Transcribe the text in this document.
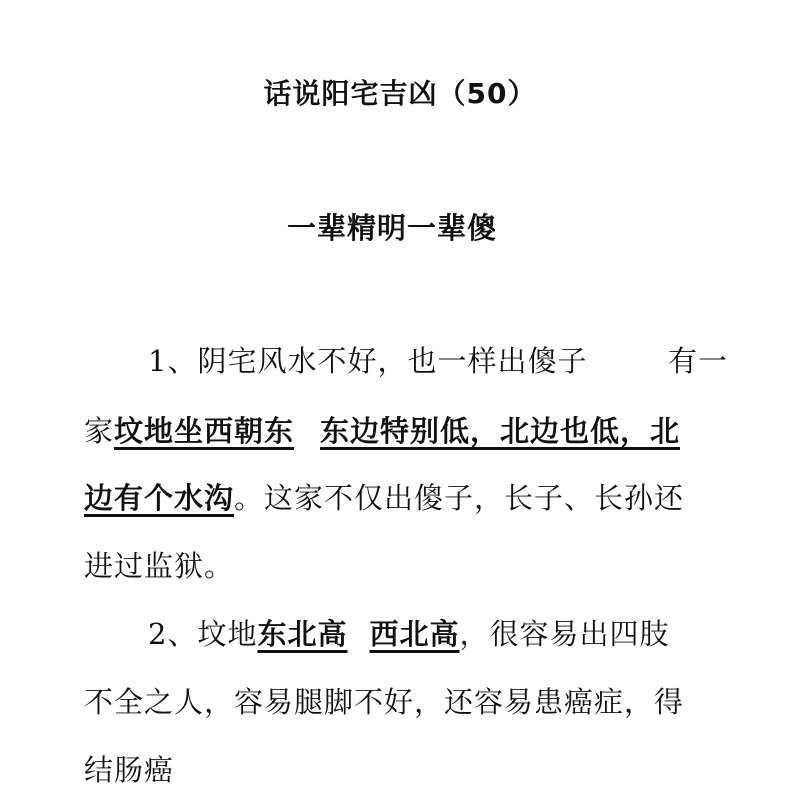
话说阳宅吉凶（50）
一辈精明一辈傻
1、阴宅风水不好，也一样出傻子	有一
家坟地坐西朝东 东边特别低，北边也低，北
边有个水沟。这家不仅出傻子，长子、长孙还
进过监狱。
2、坟地东北高 西北高，很容易出四肢
不全之人，容易腿脚不好，还容易患癌症，得
结肠癌
